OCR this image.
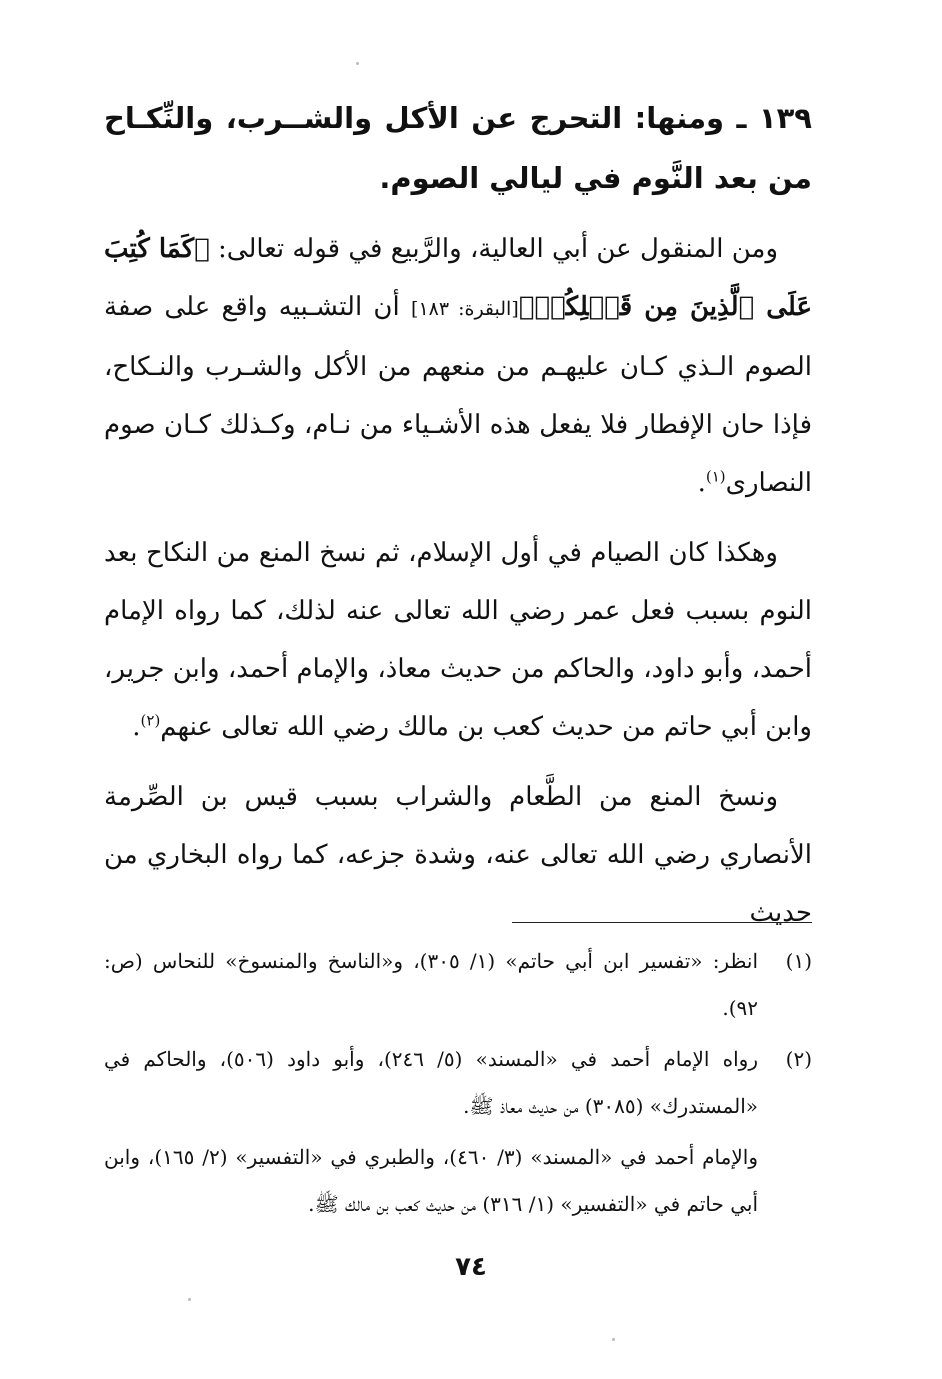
١٣٩ ـ ومنها: التحرج عن الأكل والشــرب، والنِّكـاح من بعد النَّوم في ليالي الصوم.

ومن المنقول عن أبي العالية، والرَّبيع في قوله تعالى: ﴿كَمَا كُتِبَ عَلَى ٱلَّذِينَ مِن قَبۡلِكُمۡ﴾[البقرة: ١٨٣] أن التشـبيه واقع على صفة الصوم الـذي كـان عليهـم من منعهم من الأكل والشـرب والنـكاح، فإذا حان الإفطار فلا يفعل هذه الأشـياء من نـام، وكـذلك كـان صوم النصارى$^{(١)}$.

وهكذا كان الصيام في أول الإسلام، ثم نسخ المنع من النكاح بعد النوم بسبب فعل عمر رضي الله تعالى عنه لذلك، كما رواه الإمام أحمد، وأبو داود، والحاكم من حديث معاذ، والإمام أحمد، وابن جرير، وابن أبي حاتم من حديث كعب بن مالك رضي الله تعالى عنهم$^{(٢)}$.

ونسخ المنع من الطَّعام والشراب بسبب قيس بن الصِّرمة الأنصاري رضي الله تعالى عنه، وشدة جزعه، كما رواه البخاري من حديث

(١)
انظر: «تفسير ابن أبي حاتم» (١/ ٣٠٥)، و«الناسخ والمنسوخ» للنحاس (ص: ٩٢).
(٢)
رواه الإمام أحمد في «المسند» (٥/ ٢٤٦)، وأبو داود (٥٠٦)، والحاكم في «المستدرك» (٣٠٨٥) من حديث معاذ ﷺ.
والإمام أحمد في «المسند» (٣/ ٤٦٠)، والطبري في «التفسير» (٢/ ١٦٥)، وابن أبي حاتم في «التفسير» (١/ ٣١٦) من حديث كعب بن مالك ﷺ.
٧٤
